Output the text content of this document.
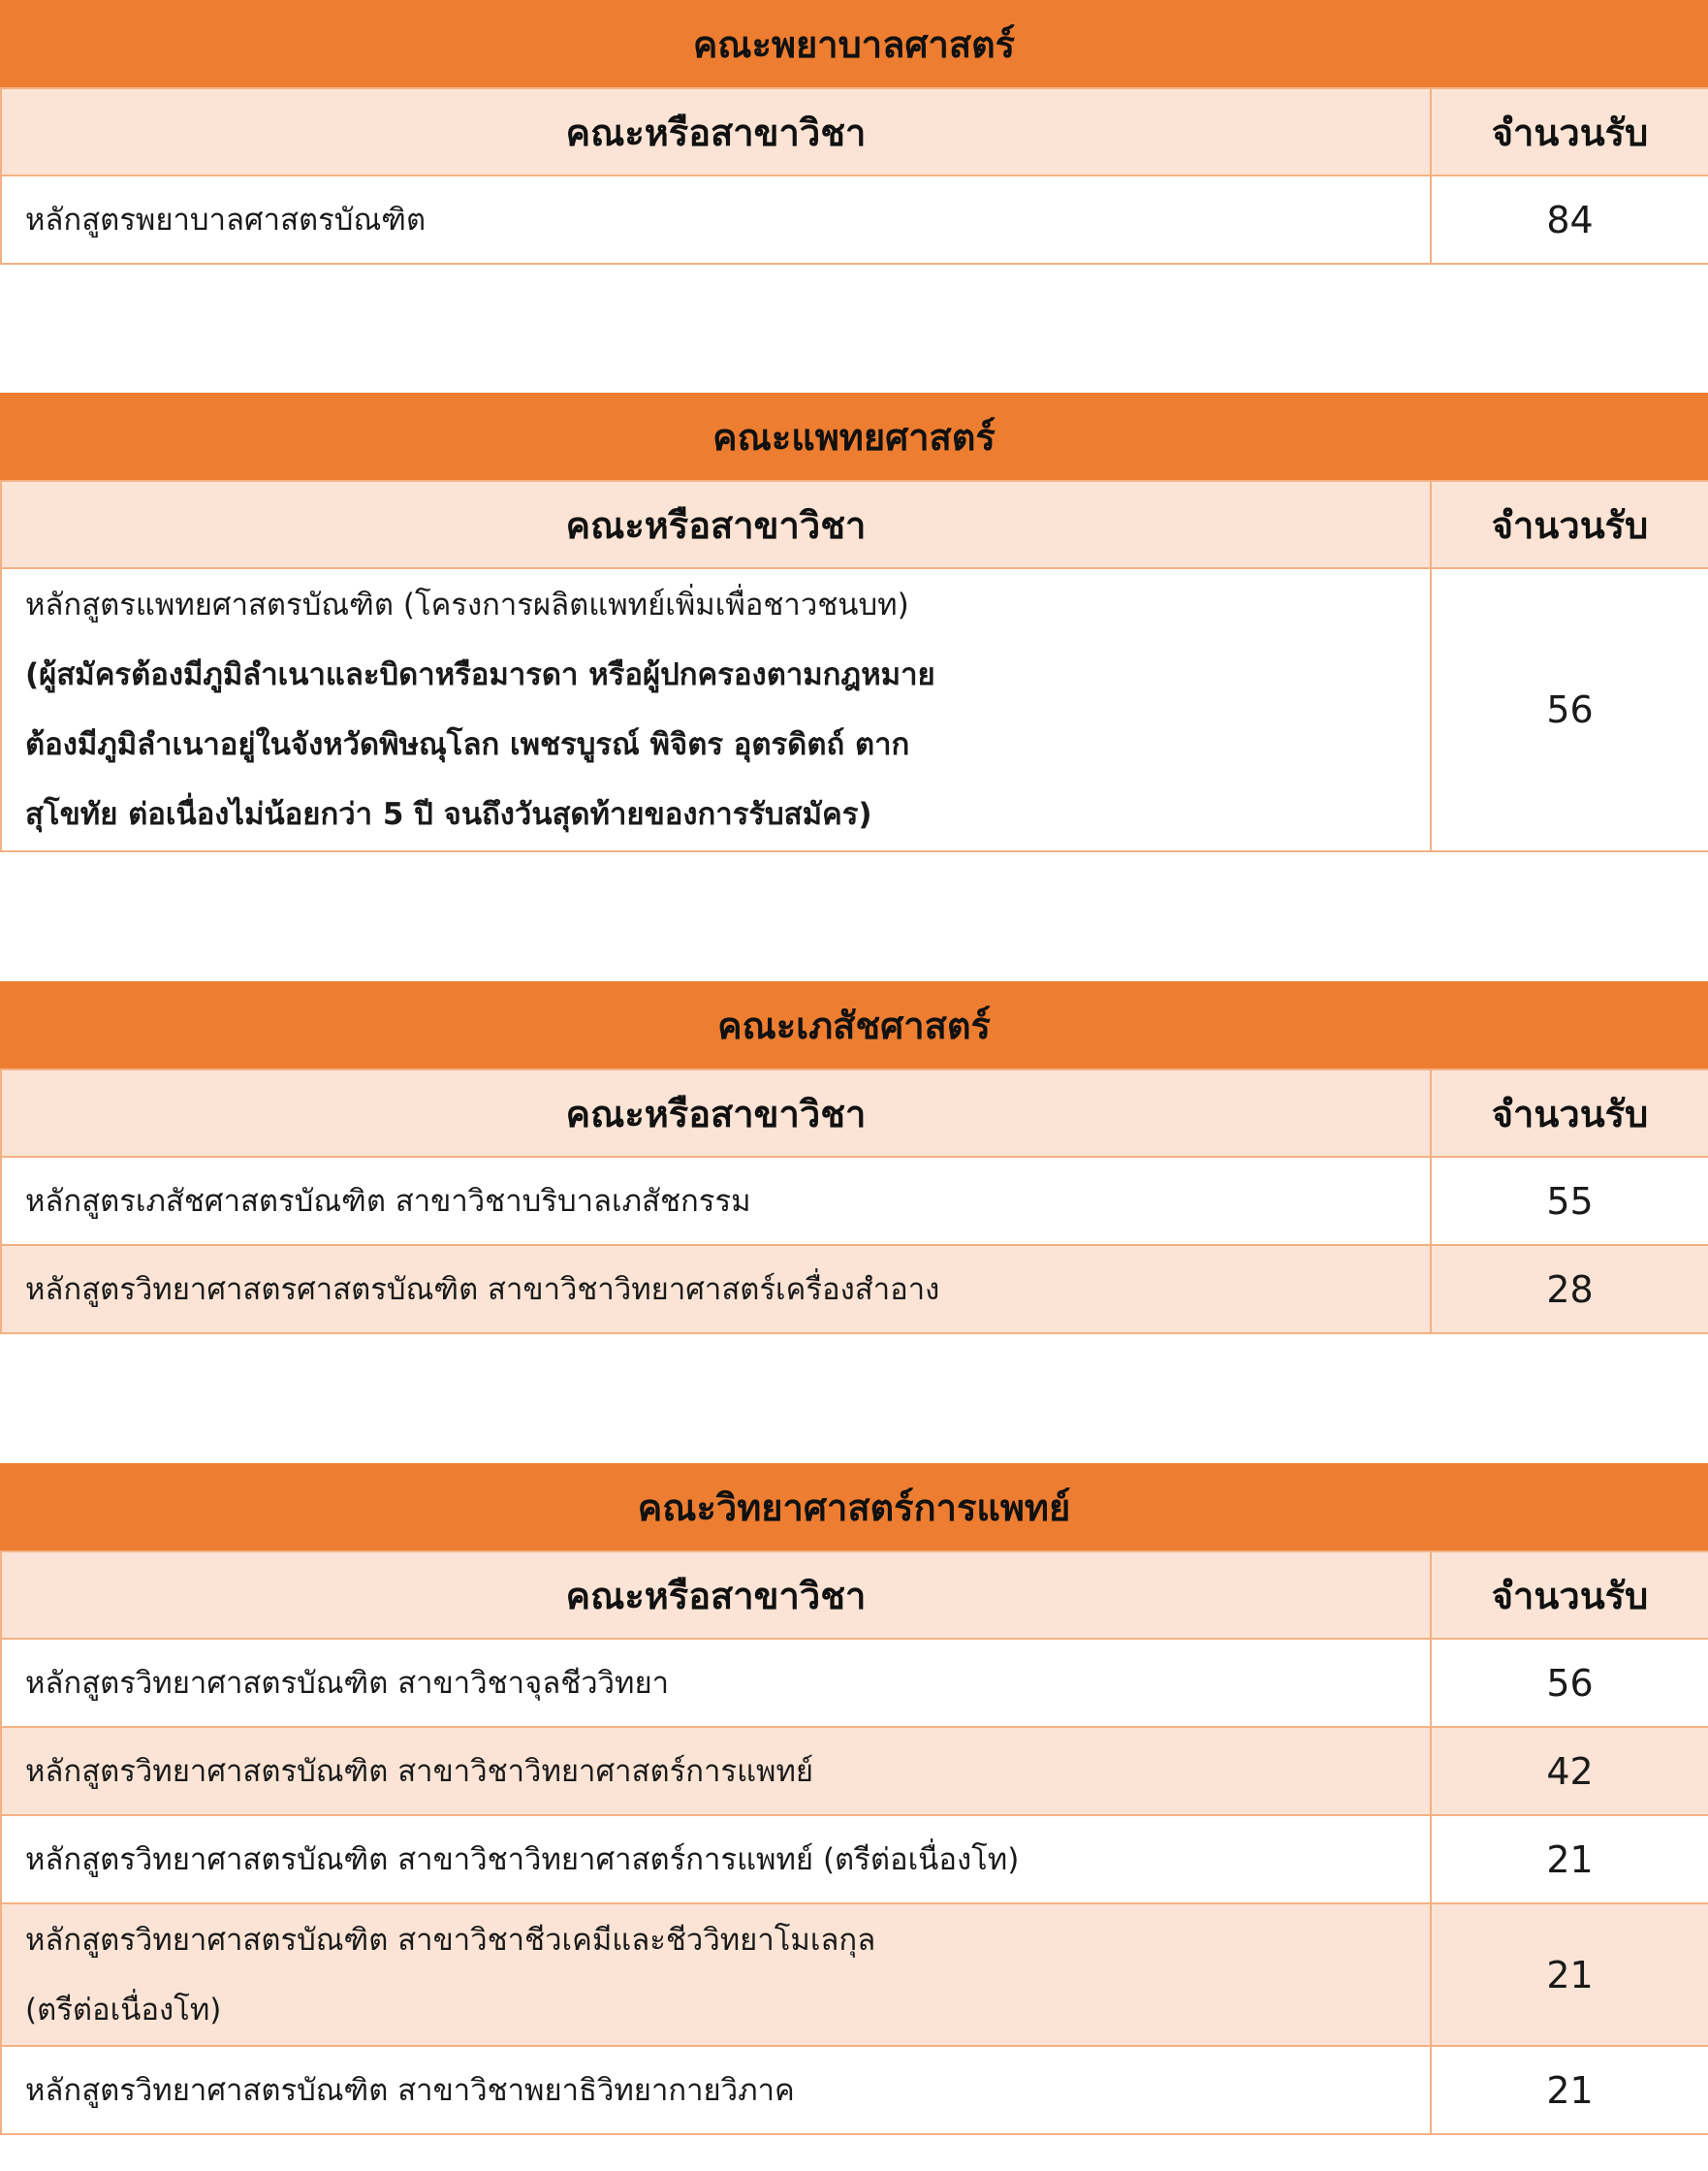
คณะพยาบาลศาสตร์
คณะหรือสาขาวิชา	จำนวนรับ
หลักสูตรพยาบาลศาสตรบัณฑิต	84
คณะแพทยศาสตร์
คณะหรือสาขาวิชา	จำนวนรับ

หลักสูตรแพทยศาสตรบัณฑิต (โครงการผลิตแพทย์เพิ่มเพื่อชาวชนบท)
(ผู้สมัครต้องมีภูมิลำเนาและบิดาหรือมารดา หรือผู้ปกครองตามกฎหมาย
ต้องมีภูมิลำเนาอยู่ในจังหวัดพิษณุโลก เพชรบูรณ์ พิจิตร อุตรดิตถ์ ตาก
สุโขทัย ต่อเนื่องไม่น้อยกว่า 5 ปี จนถึงวันสุดท้ายของการรับสมัคร)	56
คณะเภสัชศาสตร์
คณะหรือสาขาวิชา	จำนวนรับ
หลักสูตรเภสัชศาสตรบัณฑิต สาขาวิชาบริบาลเภสัชกรรม	55
หลักสูตรวิทยาศาสตรศาสตรบัณฑิต สาขาวิชาวิทยาศาสตร์เครื่องสำอาง	28
คณะวิทยาศาสตร์การแพทย์
คณะหรือสาขาวิชา	จำนวนรับ
หลักสูตรวิทยาศาสตรบัณฑิต สาขาวิชาจุลชีววิทยา	56
หลักสูตรวิทยาศาสตรบัณฑิต สาขาวิชาวิทยาศาสตร์การแพทย์	42
หลักสูตรวิทยาศาสตรบัณฑิต สาขาวิชาวิทยาศาสตร์การแพทย์ (ตรีต่อเนื่องโท)	21

หลักสูตรวิทยาศาสตรบัณฑิต สาขาวิชาชีวเคมีและชีววิทยาโมเลกุล
(ตรีต่อเนื่องโท)	21
หลักสูตรวิทยาศาสตรบัณฑิต สาขาวิชาพยาธิวิทยากายวิภาค	21
